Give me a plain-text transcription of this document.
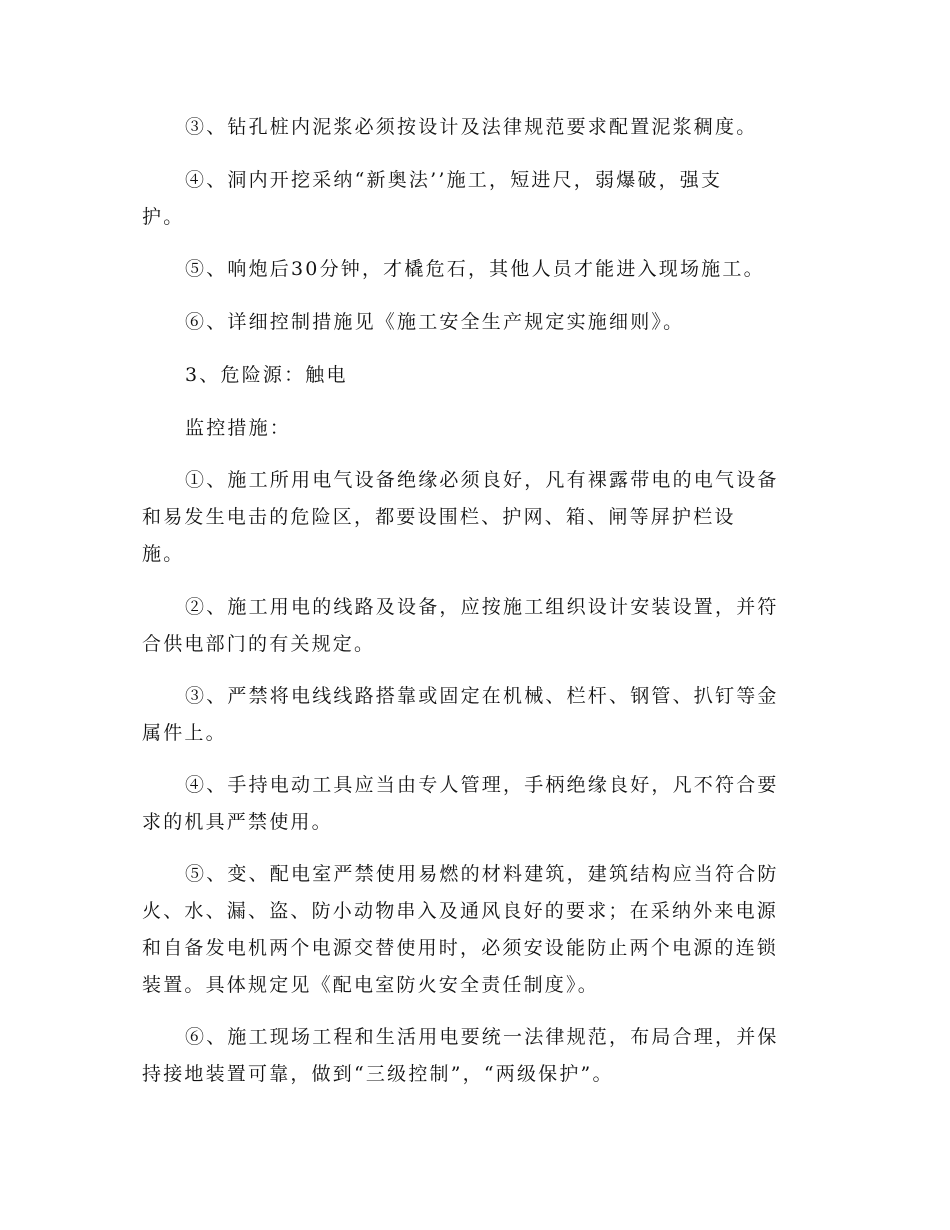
③、钻孔桩内泥浆必须按设计及法律规范要求配置泥浆稠度。

④、洞内开挖采纳“新奥法’’施工，短进尺，弱爆破，强支
护。

⑤、响炮后30分钟，才橇危石，其他人员才能进入现场施工。

⑥、详细控制措施见《施工安全生产规定实施细则》。

3、危险源：触电

监控措施：

①、施工所用电气设备绝缘必须良好，凡有裸露带电的电气设备
和易发生电击的危险区，都要设围栏、护网、箱、闸等屏护栏设
施。

②、施工用电的线路及设备，应按施工组织设计安装设置，并符
合供电部门的有关规定。

③、严禁将电线线路搭靠或固定在机械、栏杆、钢管、扒钉等金
属件上。

④、手持电动工具应当由专人管理，手柄绝缘良好，凡不符合要
求的机具严禁使用。

⑤、变、配电室严禁使用易燃的材料建筑，建筑结构应当符合防
火、水、漏、盗、防小动物串入及通风良好的要求；在采纳外来电源
和自备发电机两个电源交替使用时，必须安设能防止两个电源的连锁
装置。具体规定见《配电室防火安全责任制度》。

⑥、施工现场工程和生活用电要统一法律规范，布局合理，并保
持接地装置可靠，做到“三级控制”，“两级保护”。
